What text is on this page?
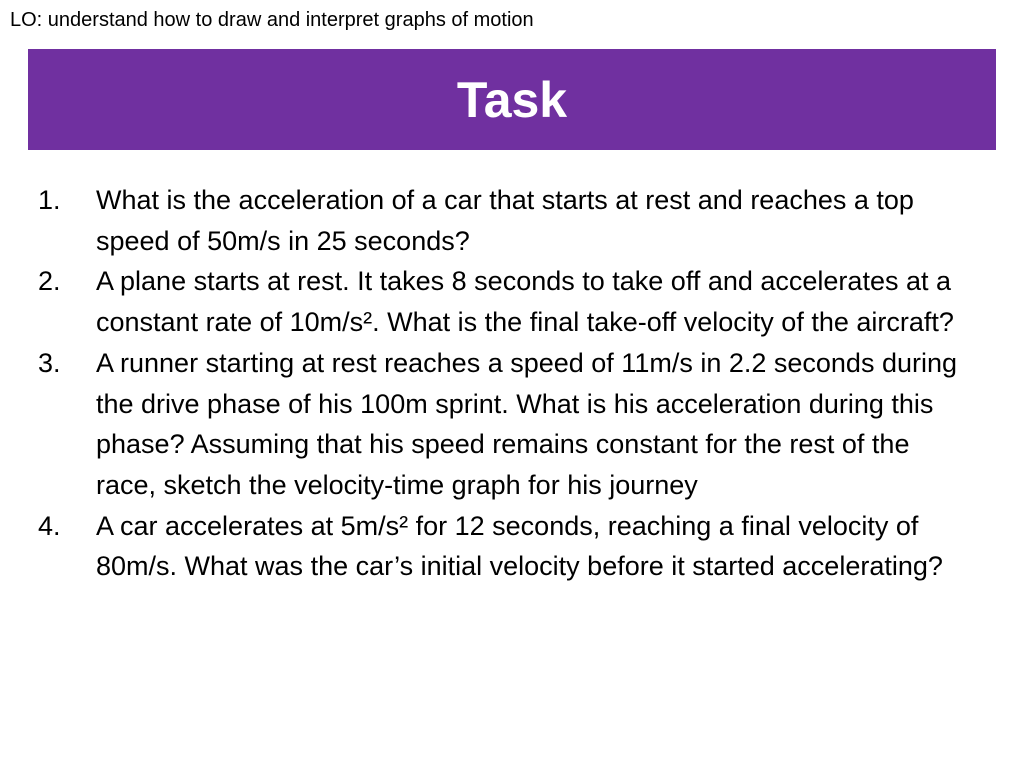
LO: understand how to draw and interpret graphs of motion
Task
1. What is the acceleration of a car that starts at rest and reaches a top speed of 50m/s in 25 seconds?
2. A plane starts at rest. It takes 8 seconds to take off and accelerates at a constant rate of 10m/s². What is the final take-off velocity of the aircraft?
3. A runner starting at rest reaches a speed of 11m/s in 2.2 seconds during the drive phase of his 100m sprint. What is his acceleration during this phase? Assuming that his speed remains constant for the rest of the race, sketch the velocity-time graph for his journey
4. A car accelerates at 5m/s² for 12 seconds, reaching a final velocity of 80m/s. What was the car’s initial velocity before it started accelerating?
